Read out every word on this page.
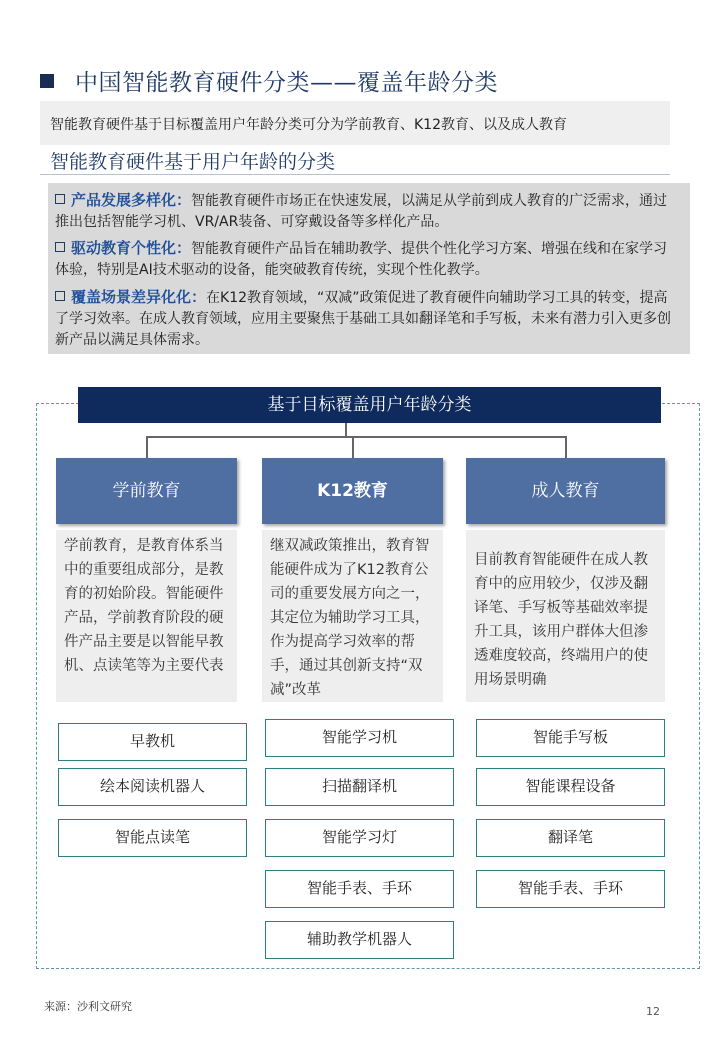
中国智能教育硬件分类——覆盖年龄分类
智能教育硬件基于目标覆盖用户年龄分类可分为学前教育、K12教育、以及成人教育
智能教育硬件基于用户年龄的分类
产品发展多样化：智能教育硬件市场正在快速发展，以满足从学前到成人教育的广泛需求，通过推出包括智能学习机、VR/AR装备、可穿戴设备等多样化产品。
驱动教育个性化：智能教育硬件产品旨在辅助教学、提供个性化学习方案、增强在线和在家学习体验，特别是AI技术驱动的设备，能突破教育传统，实现个性化教学。
覆盖场景差异化化：在K12教育领域，“双减”政策促进了教育硬件向辅助学习工具的转变，提高了学习效率。在成人教育领域，应用主要聚焦于基础工具如翻译笔和手写板，未来有潜力引入更多创新产品以满足具体需求。
基于目标覆盖用户年龄分类
学前教育	K12教育	成人教育
学前教育，是教育体系当中的重要组成部分，是教育的初始阶段。智能硬件产品，学前教育阶段的硬件产品主要是以智能早教机、点读笔等为主要代表
继双减政策推出，教育智能硬件成为了K12教育公司的重要发展方向之一，其定位为辅助学习工具，作为提高学习效率的帮手，通过其创新支持“双减”改革
目前教育智能硬件在成人教育中的应用较少，仅涉及翻译笔、手写板等基础效率提升工具，该用户群体大但渗透难度较高，终端用户的使用场景明确
早教机
绘本阅读机器人
智能点读笔
智能学习机
扫描翻译机
智能学习灯
智能手表、手环
辅助教学机器人
智能手写板
智能课程设备
翻译笔
智能手表、手环
来源：沙利文研究	12
